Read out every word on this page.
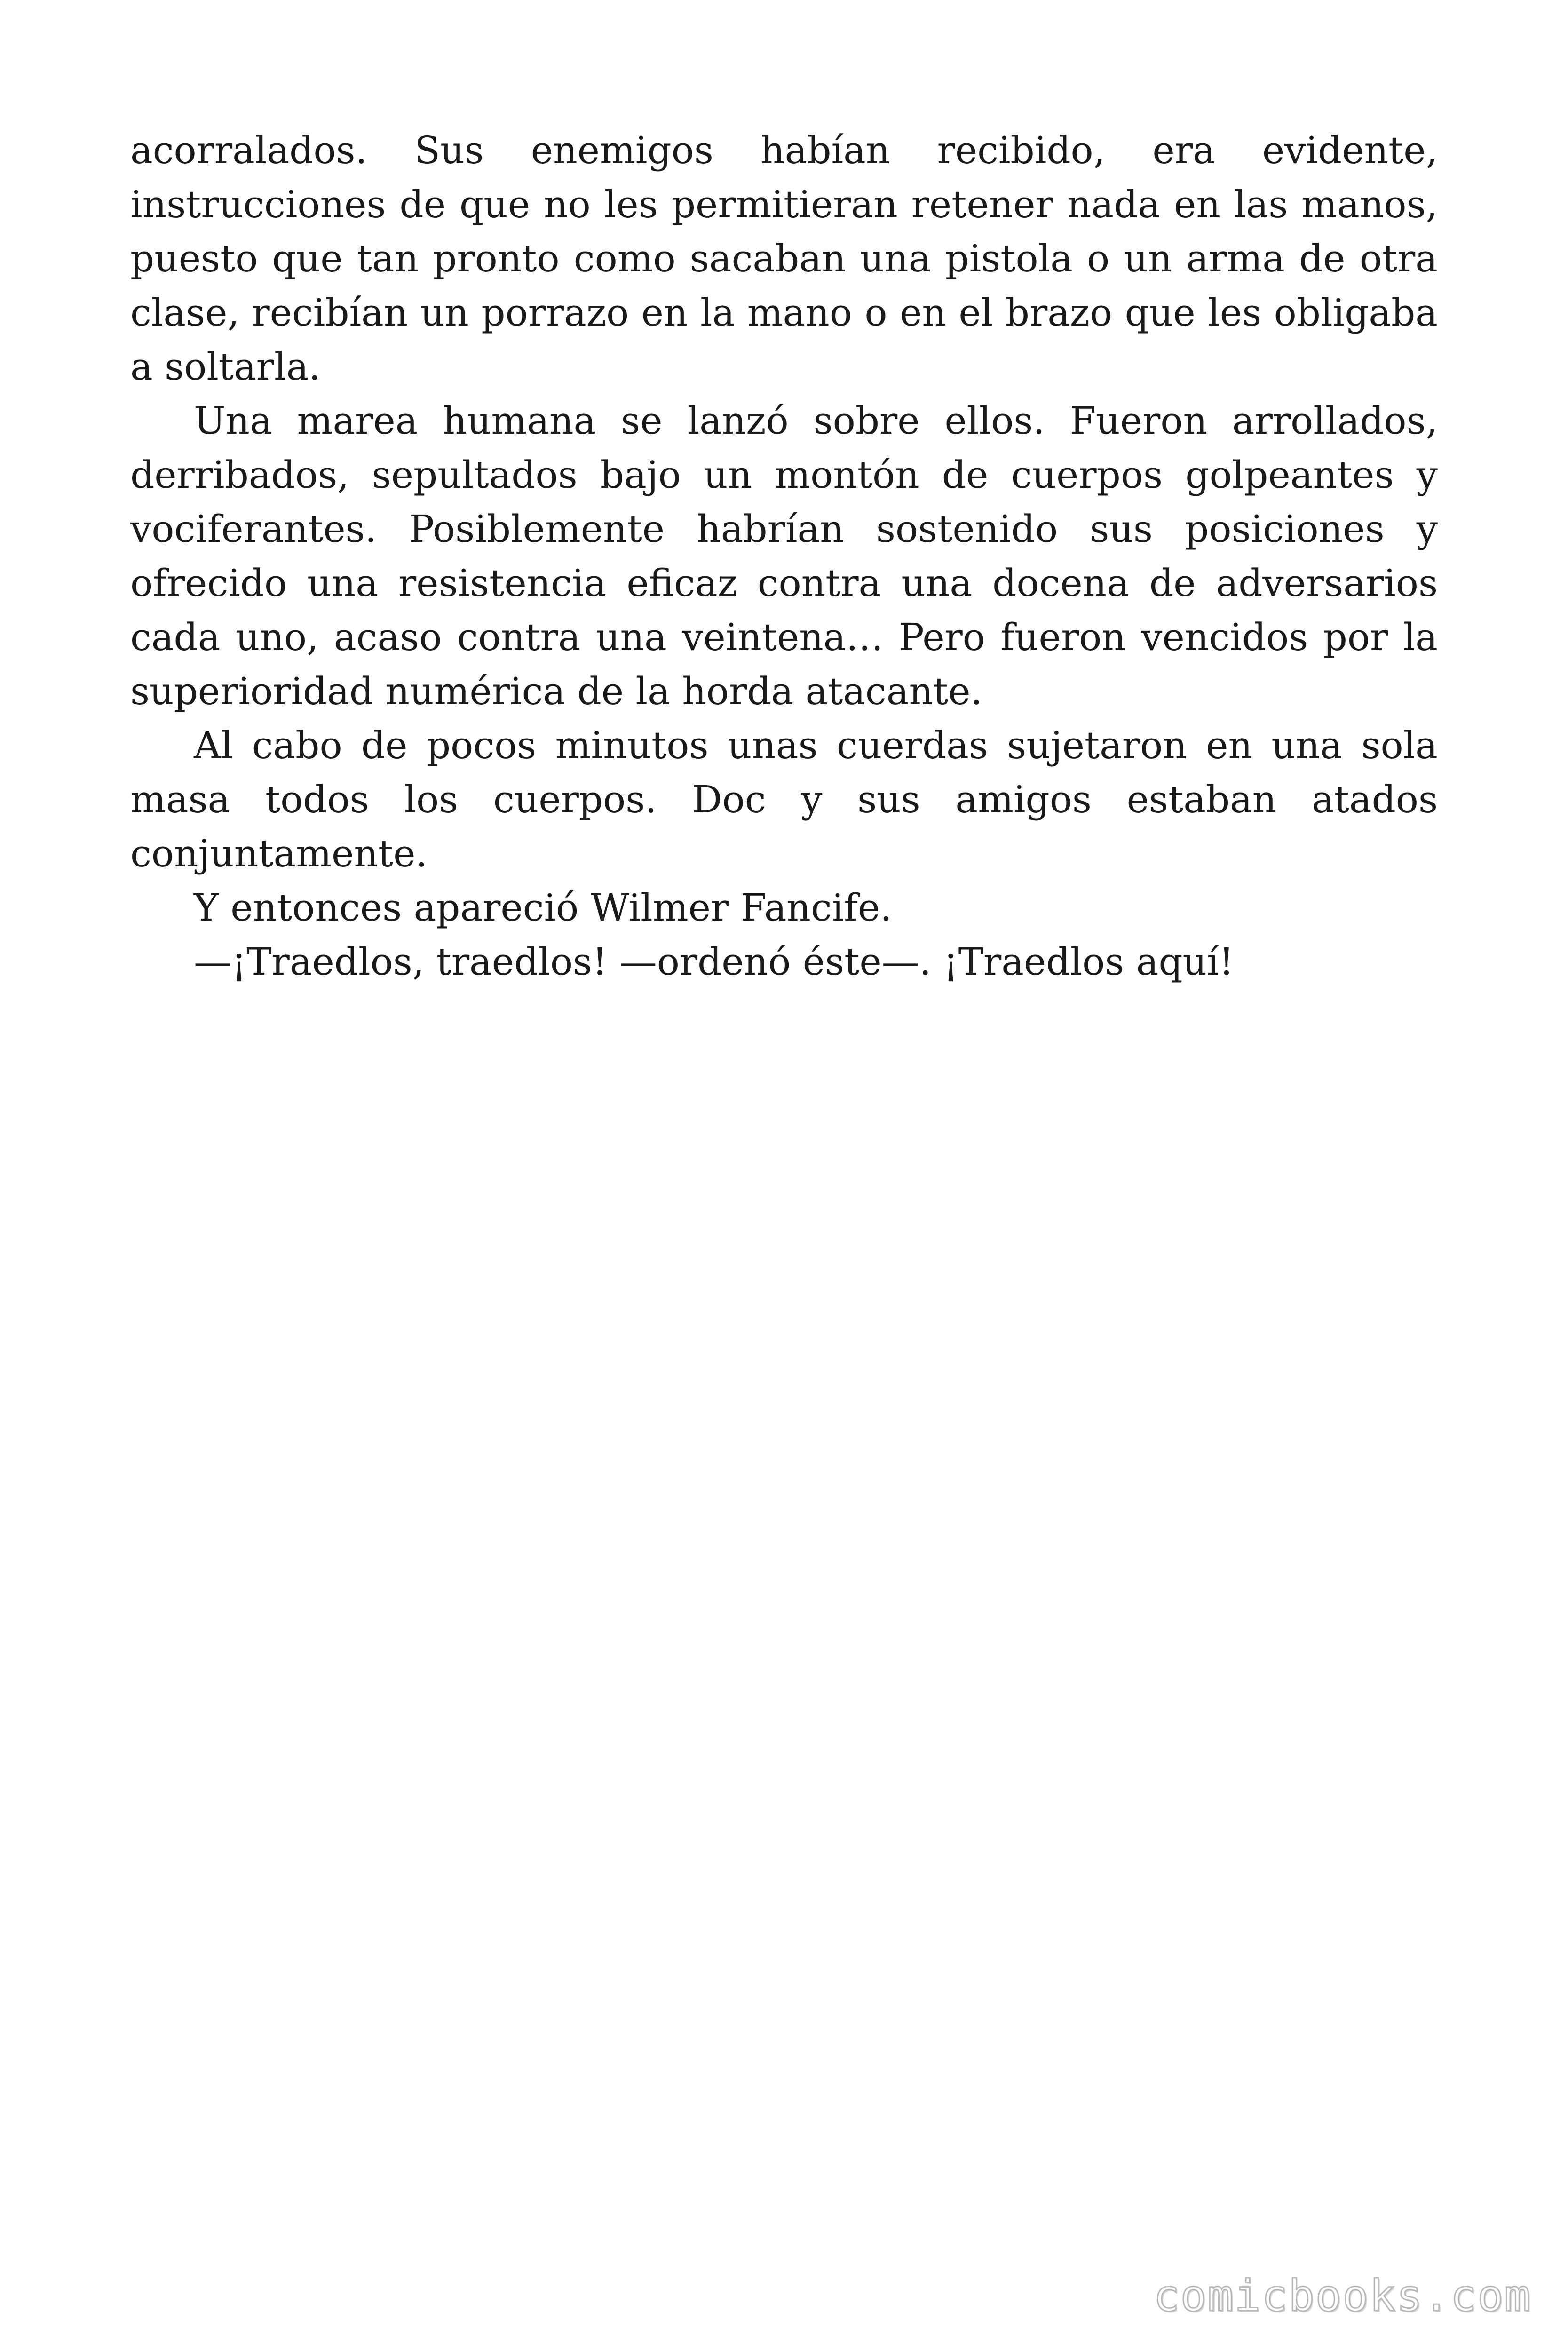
acorralados. Sus enemigos habían recibido, era evidente, instrucciones de que no les permitieran retener nada en las manos, puesto que tan pronto como sacaban una pistola o un arma de otra clase, recibían un porrazo en la mano o en el brazo que les obligaba a soltarla.

Una marea humana se lanzó sobre ellos. Fueron arrollados, derribados, sepultados bajo un montón de cuerpos golpeantes y vociferantes. Posiblemente habrían sostenido sus posiciones y ofrecido una resistencia eficaz contra una docena de adversarios cada uno, acaso contra una veintena… Pero fueron vencidos por la superioridad numérica de la horda atacante.

Al cabo de pocos minutos unas cuerdas sujetaron en una sola masa todos los cuerpos. Doc y sus amigos estaban atados conjuntamente.

Y entonces apareció Wilmer Fancife.

—¡Traedlos, traedlos! —ordenó éste—. ¡Traedlos aquí!

comicbooks.com
